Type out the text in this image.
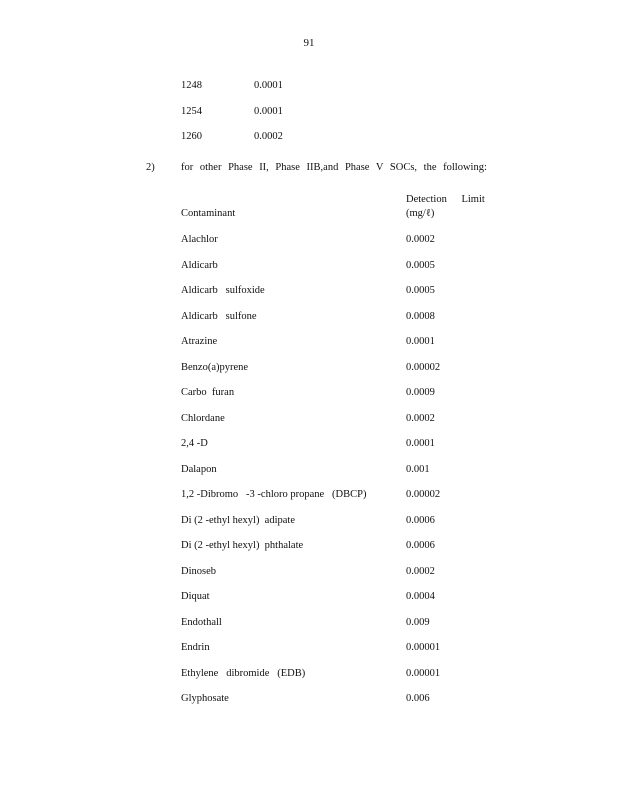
91
1248	0.0001
1254	0.0001
1260	0.0002
2)	for other Phase II, Phase IIB,and Phase V SOCs, the following:
Contaminant
Detection Limit
(mg/ℓ)
Alachlor	0.0002
Aldicarb	0.0005
Aldicarb   sulfoxide	0.0005
Aldicarb   sulfone	0.0008
Atrazine	0.0001
Benzo(a)pyrene	0.00002
Carbo  furan	0.0009
Chlordane	0.0002
2,4 -D	0.0001
Dalapon	0.001
1,2 -Dibromo   -3 -chloro propane   (DBCP)	0.00002
Di (2 -ethyl hexyl)  adipate	0.0006
Di (2 -ethyl hexyl)  phthalate	0.0006
Dinoseb	0.0002
Diquat	0.0004
Endothall	0.009
Endrin	0.00001
Ethylene   dibromide   (EDB)	0.00001
Glyphosate	0.006
